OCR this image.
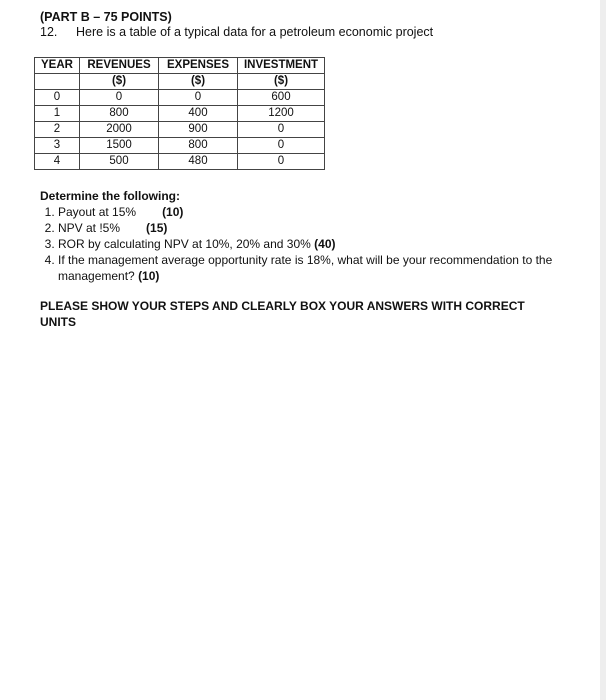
(PART B – 75 POINTS)
12. Here is a table of a typical data for a petroleum economic project
YEAR	REVENUES	EXPENSES	INVESTMENT
	($)	($)	($)
0	0	0	600
1	800	400	1200
2	2000	900	0
3	1500	800	0
4	500	480	0
Determine the following:
1. Payout at 15% (10)
2. NPV at !5% (15)
3. ROR by calculating NPV at 10%, 20% and 30% (40)
4. If the management average opportunity rate is 18%, what will be your recommendation to the management? (10)
PLEASE SHOW YOUR STEPS AND CLEARLY BOX YOUR ANSWERS WITH CORRECT UNITS
